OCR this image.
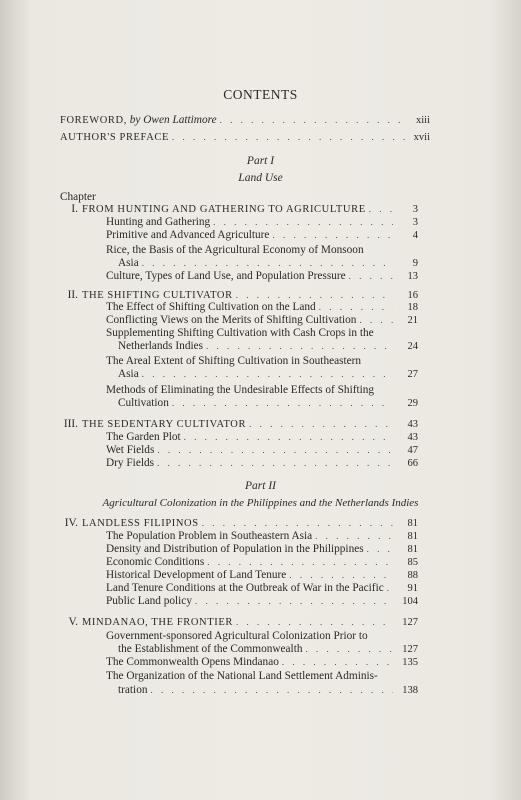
CONTENTS
FOREWORD, by Owen Lattimore . . .	xiii
AUTHOR'S PREFACE . . .	xvii
Part I
Land Use
Chapter
I. FROM HUNTING AND GATHERING TO AGRICULTURE . . .	3
Hunting and Gathering . . .	3
Primitive and Advanced Agriculture . . .	4
Rice, the Basis of the Agricultural Economy of Monsoon
Asia . . .	9
Culture, Types of Land Use, and Population Pressure . . .	13
II. THE SHIFTING CULTIVATOR . . .	16
The Effect of Shifting Cultivation on the Land . . .	18
Conflicting Views on the Merits of Shifting Cultivation . . .	21
Supplementing Shifting Cultivation with Cash Crops in the
Netherlands Indies . . .	24
The Areal Extent of Shifting Cultivation in Southeastern
Asia . . .	27
Methods of Eliminating the Undesirable Effects of Shifting
Cultivation . . .	29
III. THE SEDENTARY CULTIVATOR . . .	43
The Garden Plot . . .	43
Wet Fields . . .	47
Dry Fields . . .	66
Part II
Agricultural Colonization in the Philippines and the Netherlands Indies
IV. LANDLESS FILIPINOS . . .	81
The Population Problem in Southeastern Asia . . .	81
Density and Distribution of Population in the Philippines . . .	81
Economic Conditions . . .	85
Historical Development of Land Tenure . . .	88
Land Tenure Conditions at the Outbreak of War in the Pacific . . .	91
Public Land policy . . .	104
V. MINDANAO, THE FRONTIER . . .	127
Government-sponsored Agricultural Colonization Prior to
the Establishment of the Commonwealth . . .	127
The Commonwealth Opens Mindanao . . .	135
The Organization of the National Land Settlement Adminis-
tration . . .	138
